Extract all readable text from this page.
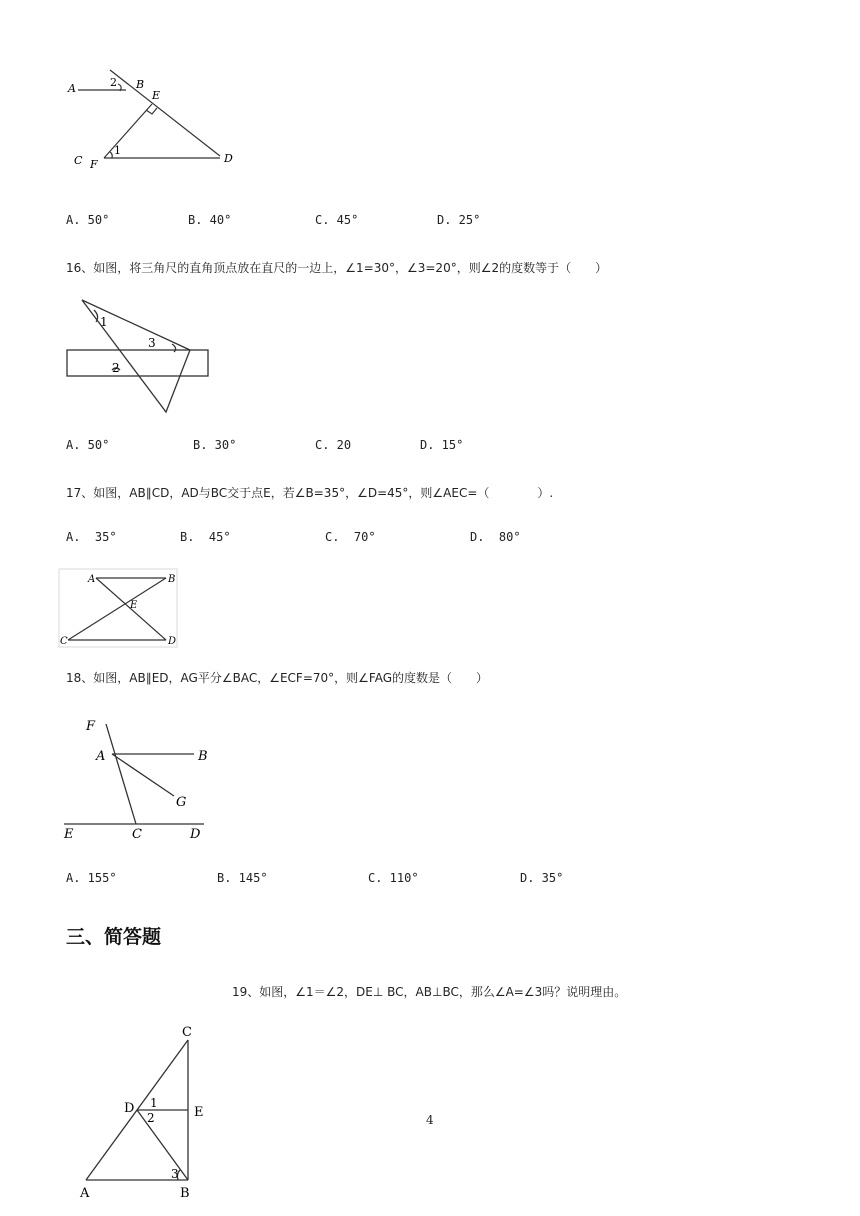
A	2 B
E
1
C F	D
A. 50°	B. 40°	C. 45°	D. 25°
16、如图，将三角尺的直角顶点放在直尺的一边上，∠1=30°，∠3=20°，则∠2的度数等于（　　）
1
3
2
A. 50°	B. 30°	C. 20	D. 15°
17、如图，AB∥CD，AD与BC交于点E，若∠B=35°，∠D=45°，则∠AEC=（　　　　）.
A.  35°	B.  45°	C.  70°	D.  80°
A	B
E
C	D
18、如图，AB∥ED，AG平分∠BAC，∠ECF=70°，则∠FAG的度数是（　　）
F
A	B
G
E	C	D
A. 155°	B. 145°	C. 110°	D. 35°
三、简答题
19、如图，∠1＝∠2，DE⊥ BC，AB⊥BC，那么∠A=∠3吗？说明理由。
C
D 1
2	E
3
A	B
4
